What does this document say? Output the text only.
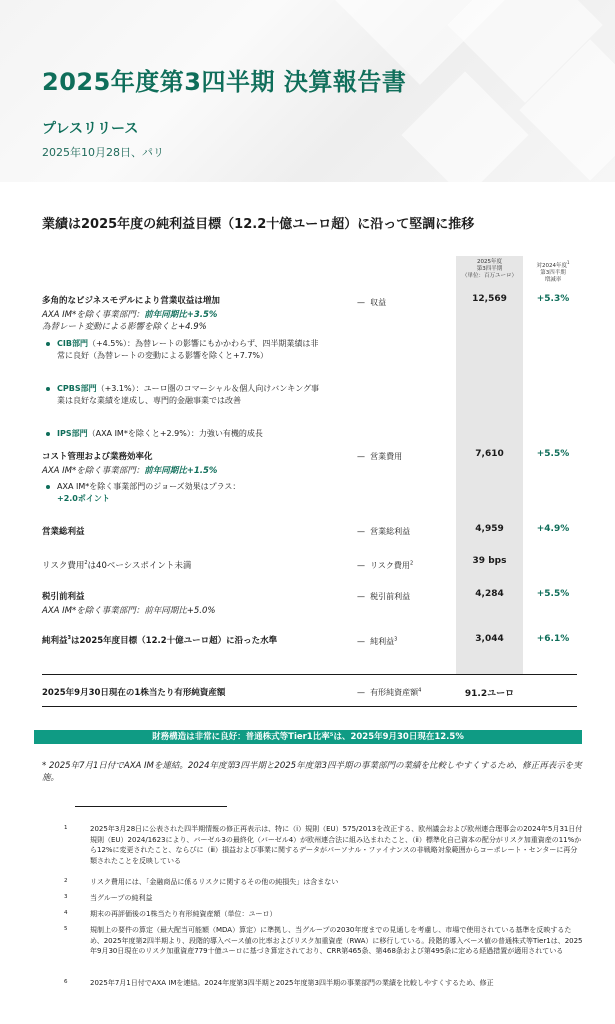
2025年度第3四半期 決算報告書
プレスリリース
2025年10月28日、パリ
業績は2025年度の純利益目標（12.2十億ユーロ超）に沿って堅調に推移
2025年度
第3四半期
（単位：百万ユーロ）
対2024年度$^1$
第3四半期
増減率
多角的なビジネスモデルにより営業収益は増加
AXA IM*を除く事業部門：前年同期比+3.5%
為替レート変動による影響を除くと+4.9%
—  収益	12,569	+5.3%
CIB部門（+4.5%）：為替レートの影響にもかかわらず、四半期業績は非常に良好（為替レートの変動による影響を除くと+7.7%）
CPBS部門（+3.1%）：ユーロ圏のコマーシャル＆個人向けバンキング事業は良好な業績を達成し、専門的金融事業では改善
IPS部門（AXA IM*を除くと+2.9%）：力強い有機的成長
コスト管理および業務効率化
AXA IM*を除く事業部門：前年同期比+1.5%
AXA IM*を除く事業部門のジョーズ効果はプラス：
+2.0ポイント
—  営業費用	7,610	+5.5%
営業総利益	—  営業総利益	4,959	+4.9%
リスク費用$^2$は40ベーシスポイント未満	—  リスク費用$^2$	39 bps
税引前利益
AXA IM*を除く事業部門：前年同期比+5.0%
—  税引前利益	4,284	+5.5%
純利益$^3$は2025年度目標（12.2十億ユーロ超）に沿った水準	—  純利益$^3$	3,044	+6.1%
2025年9月30日現在の1株当たり有形純資産額	—  有形純資産額$^4$	91.2ユーロ
財務構造は非常に良好：普通株式等Tier1比率⁵は、2025年9月30日現在12.5%
* 2025年7月1日付でAXA IMを連結。2024年度第3四半期と2025年度第3四半期の事業部門の業績を比較しやすくするため、修正再表示を実施。
1	2025年3月28日に公表された四半期情報の修正再表示は、特に（ⅰ）規則（EU）575/2013を改正する、欧州議会および欧州連合理事会の2024年5月31日付規則（EU）2024/1623により、バーゼル3の最終化（バーゼル4）が欧州連合法に組み込まれたこと、（ⅱ）標準化自己資本の配分がリスク加重資産の11%から12%に変更されたこと、ならびに（ⅲ）損益および事業に関するデータがパーソナル・ファイナンスの非戦略対象範囲からコーポレート・センターに再分類されたことを反映している
2	リスク費用には、「金融商品に係るリスクに関するその他の純損失」は含まない
3	当グループの純利益
4	期末の再評価後の1株当たり有形純資産額（単位：ユーロ）
5	規制上の要件の算定（最大配当可能額（MDA）算定）に準拠し、当グループの2030年度までの見通しを考慮し、市場で使用されている基準を反映するため、2025年度第2四半期より、段階的導入ベース値の比率およびリスク加重資産（RWA）に移行している。段階的導入ベース値の普通株式等Tier1は、2025年9月30日現在のリスク加重資産779十億ユーロに基づき算定されており、CRR第465条、第468条および第495条に定める経過措置が適用されている
6	2025年7月1日付でAXA IMを連結。2024年度第3四半期と2025年度第3四半期の事業部門の業績を比較しやすくするため、修正
